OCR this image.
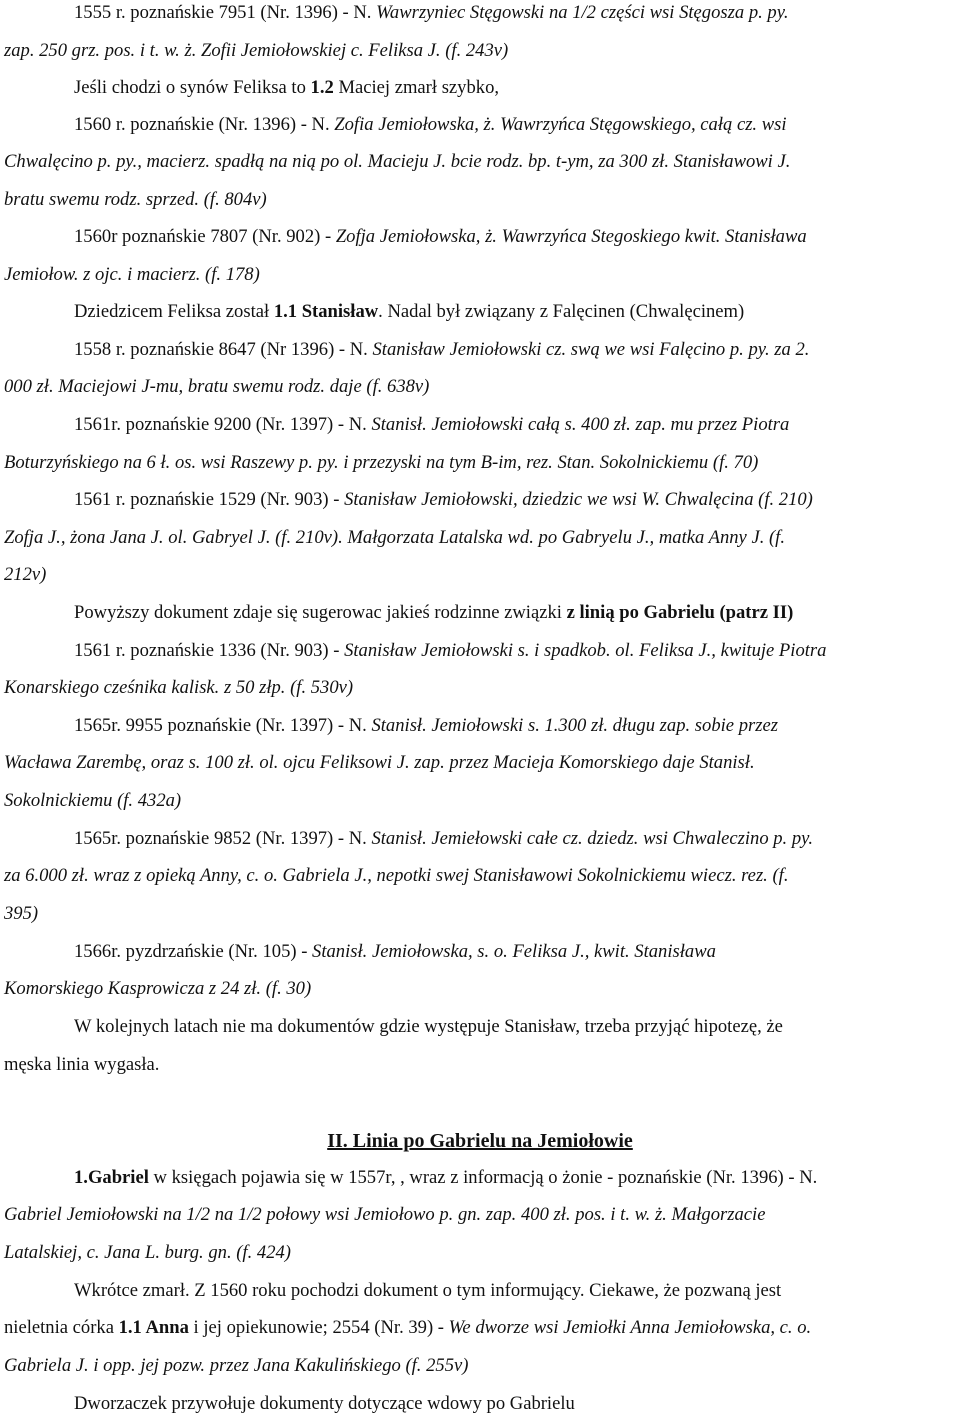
1555 r. poznańskie 7951 (Nr. 1396) - N. Wawrzyniec Stęgowski na 1/2 części wsi Stęgosza p. py.
zap. 250 grz. pos. i t. w. ż. Zofii Jemiołowskiej c. Feliksa J. (f. 243v)
Jeśli chodzi o synów Feliksa to 1.2 Maciej zmarł szybko,
1560 r. poznańskie (Nr. 1396) - N. Zofia Jemiołowska, ż. Wawrzyńca Stęgowskiego, całą cz. wsi
Chwalęcino p. py., macierz. spadłą na nią po ol. Macieju J. bcie rodz. bp. t-ym, za 300 zł. Stanisławowi J.
bratu swemu rodz. sprzed. (f. 804v)
1560r poznańskie 7807 (Nr. 902) - Zofja Jemiołowska, ż. Wawrzyńca Stegoskiego kwit. Stanisława
Jemiołow. z ojc. i macierz. (f. 178)
Dziedzicem Feliksa został 1.1 Stanisław. Nadal był związany z Falęcinen (Chwalęcinem)
1558 r. poznańskie 8647 (Nr 1396) - N. Stanisław Jemiołowski cz. swą we wsi Falęcino p. py. za 2.
000 zł. Maciejowi J-mu, bratu swemu rodz. daje (f. 638v)
1561r. poznańskie 9200 (Nr. 1397) - N. Stanisł. Jemiołowski całą s. 400 zł. zap. mu przez Piotra
Boturzyńskiego na 6 ł. os. wsi Raszewy p. py. i przezyski na tym B-im, rez. Stan. Sokolnickiemu (f. 70)
1561 r. poznańskie 1529 (Nr. 903) - Stanisław Jemiołowski, dziedzic we wsi W. Chwalęcina (f. 210)
Zofja J., żona Jana J. ol. Gabryel J. (f. 210v). Małgorzata Latalska wd. po Gabryelu J., matka Anny J. (f.
212v)
Powyższy dokument zdaje się sugerowac jakieś rodzinne związki z linią po Gabrielu (patrz II)
1561 r. poznańskie 1336 (Nr. 903) - Stanisław Jemiołowski s. i spadkob. ol. Feliksa J., kwituje Piotra
Konarskiego cześnika kalisk. z 50 złp. (f. 530v)
1565r. 9955 poznańskie (Nr. 1397) - N. Stanisł. Jemiołowski s. 1.300 zł. długu zap. sobie przez
Wacława Zarembę, oraz s. 100 zł. ol. ojcu Feliksowi J. zap. przez Macieja Komorskiego daje Stanisł.
Sokolnickiemu (f. 432a)
1565r. poznańskie 9852 (Nr. 1397) - N. Stanisł. Jemiełowski całe cz. dziedz. wsi Chwaleczino p. py.
za 6.000 zł. wraz z opieką Anny, c. o. Gabriela J., nepotki swej Stanisławowi Sokolnickiemu wiecz. rez. (f.
395)
1566r. pyzdrzańskie (Nr. 105) - Stanisł. Jemiołowska, s. o. Feliksa J., kwit. Stanisława
Komorskiego Kasprowicza z 24 zł. (f. 30)
W kolejnych latach nie ma dokumentów gdzie występuje Stanisław, trzeba przyjąć hipotezę, że
męska linia wygasła.
1.Gabriel w księgach pojawia się w 1557r, , wraz z informacją o żonie - poznańskie (Nr. 1396) - N.
Gabriel Jemiołowski na 1/2 na 1/2 połowy wsi Jemiołowo p. gn. zap. 400 zł. pos. i t. w. ż. Małgorzacie
Latalskiej, c. Jana L. burg. gn. (f. 424)
Wkrótce zmarł. Z 1560 roku pochodzi dokument o tym informujący. Ciekawe, że pozwaną jest
nieletnia córka 1.1 Anna i jej opiekunowie; 2554 (Nr. 39) - We dworze wsi Jemiołki Anna Jemiołowska, c. o.
Gabriela J. i opp. jej pozw. przez Jana Kakulińskiego (f. 255v)
Dworzaczek przywołuje dokumenty dotyczące wdowy po Gabrielu
II. Linia po Gabrielu na Jemiołowie
